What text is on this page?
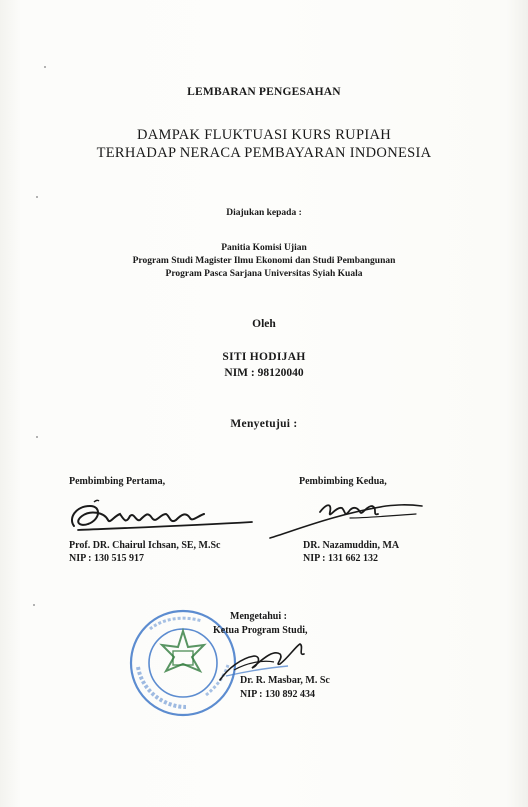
LEMBARAN PENGESAHAN
DAMPAK FLUKTUASI KURS RUPIAH
TERHADAP NERACA PEMBAYARAN INDONESIA
Diajukan kepada :
Panitia Komisi Ujian
Program Studi Magister Ilmu Ekonomi dan Studi Pembangunan
Program Pasca Sarjana Universitas Syiah Kuala
Oleh
SITI HODIJAH
NIM : 98120040
Menyetujui :
Pembimbing Pertama,	Pembimbing Kedua,
Prof. DR. Chairul Ichsan, SE, M.Sc
NIP : 130 515 917
DR. Nazamuddin, MA
NIP : 131 662 132
Mengetahui :
Ketua Program Studi,
Dr. R. Masbar, M. Sc
NIP : 130 892 434
